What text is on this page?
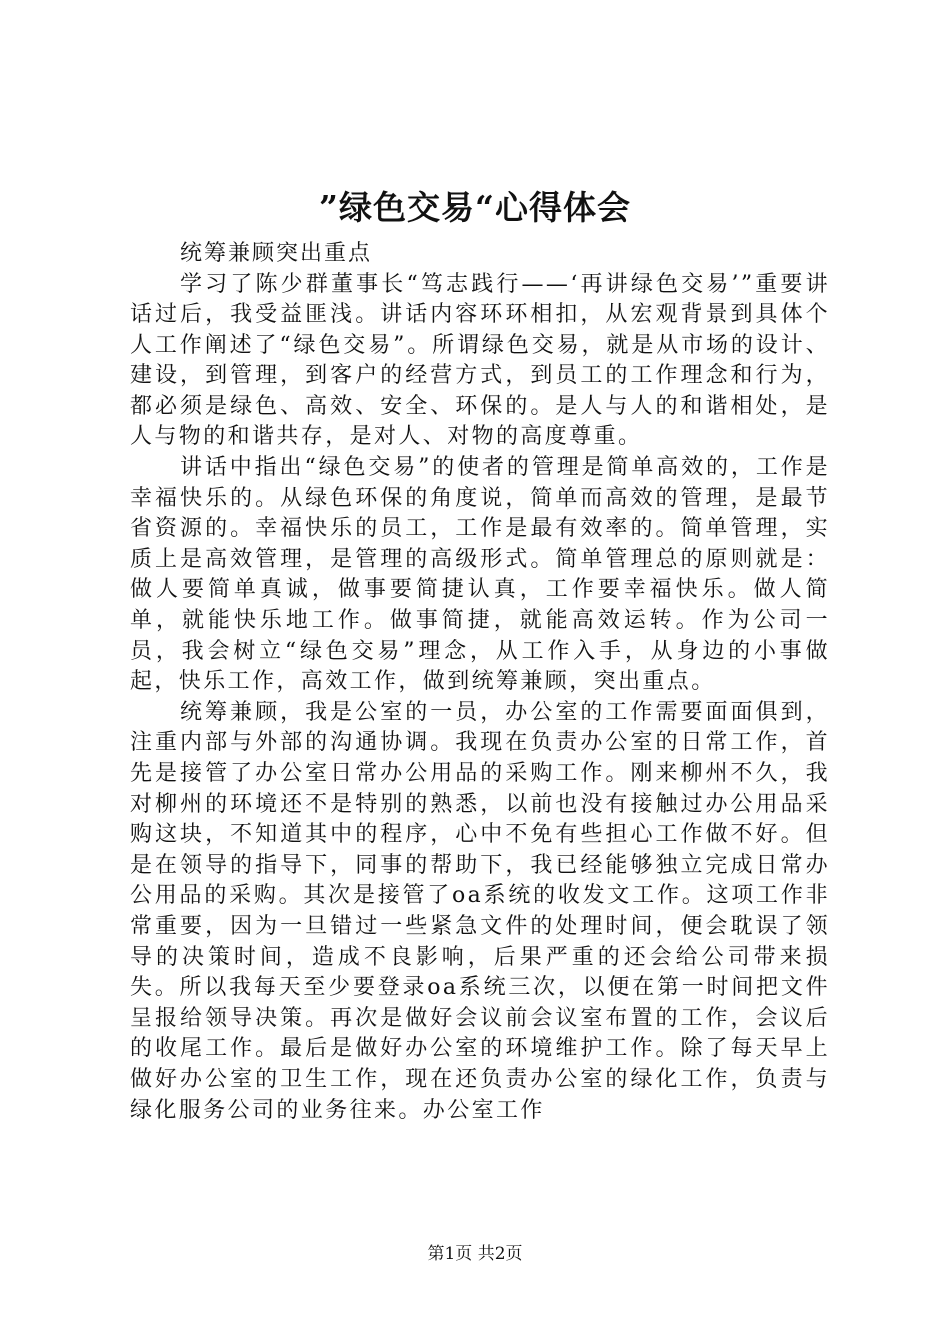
”绿色交易“心得体会

统筹兼顾突出重点

学习了陈少群董事长“笃志践行——‘再讲绿色交易’”重要讲话过后，我受益匪浅。讲话内容环环相扣，从宏观背景到具体个人工作阐述了“绿色交易”。所谓绿色交易，就是从市场的设计、建设，到管理，到客户的经营方式，到员工的工作理念和行为，都必须是绿色、高效、安全、环保的。是人与人的和谐相处，是人与物的和谐共存，是对人、对物的高度尊重。

讲话中指出“绿色交易”的使者的管理是简单高效的，工作是幸福快乐的。从绿色环保的角度说，简单而高效的管理，是最节省资源的。幸福快乐的员工，工作是最有效率的。简单管理，实质上是高效管理，是管理的高级形式。简单管理总的原则就是：做人要简单真诚，做事要简捷认真，工作要幸福快乐。做人简单，就能快乐地工作。做事简捷，就能高效运转。作为公司一员，我会树立“绿色交易”理念，从工作入手，从身边的小事做起，快乐工作，高效工作，做到统筹兼顾，突出重点。

统筹兼顾，我是公室的一员，办公室的工作需要面面俱到，注重内部与外部的沟通协调。我现在负责办公室的日常工作，首先是接管了办公室日常办公用品的采购工作。刚来柳州不久，我对柳州的环境还不是特别的熟悉，以前也没有接触过办公用品采购这块，不知道其中的程序，心中不免有些担心工作做不好。但是在领导的指导下，同事的帮助下，我已经能够独立完成日常办公用品的采购。其次是接管了oa系统的收发文工作。这项工作非常重要，因为一旦错过一些紧急文件的处理时间，便会耽误了领导的决策时间，造成不良影响，后果严重的还会给公司带来损失。所以我每天至少要登录oa系统三次，以便在第一时间把文件呈报给领导决策。再次是做好会议前会议室布置的工作，会议后的收尾工作。最后是做好办公室的环境维护工作。除了每天早上做好办公室的卫生工作，现在还负责办公室的绿化工作，负责与绿化服务公司的业务往来。办公室工作

第1页 共2页
